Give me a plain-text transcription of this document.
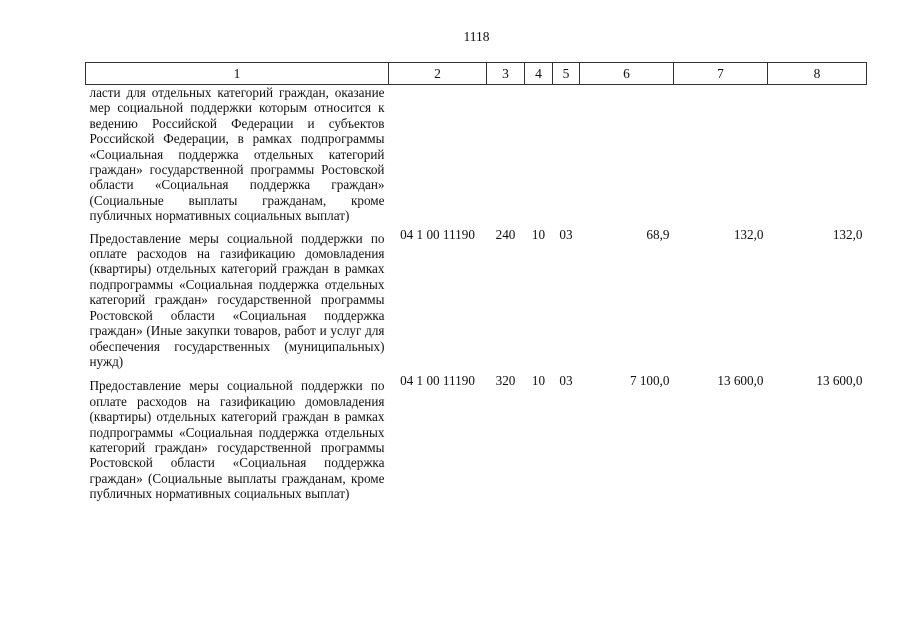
1118
1	2	3	4	5	6	7	8
ласти для отдельных категорий граждан, оказание мер социальной поддержки которым относится к ведению Российской Федерации и субъектов Российской Федерации, в рамках подпрограммы «Социальная поддержка отдельных категорий граждан» государственной программы Ростовской области «Социальная поддержка граждан» (Социальные выплаты гражданам, кроме публичных нормативных социальных выплат)							
Предоставление меры социальной поддержки по оплате расходов на газификацию домовладения (квартиры) отдельных категорий граждан в рамках подпрограммы «Социальная поддержка отдельных категорий граждан» государственной программы Ростовской области «Социальная поддержка граждан» (Иные закупки товаров, работ и услуг для обеспечения государственных (муниципальных) нужд)	04 1 00 11190	240	10	03	68,9	132,0	132,0
Предоставление меры социальной поддержки по оплате расходов на газификацию домовладения (квартиры) отдельных категорий граждан в рамках подпрограммы «Социальная поддержка отдельных категорий граждан» государственной программы Ростовской области «Социальная поддержка граждан» (Социальные выплаты гражданам, кроме публичных нормативных социальных выплат)	04 1 00 11190	320	10	03	7 100,0	13 600,0	13 600,0
